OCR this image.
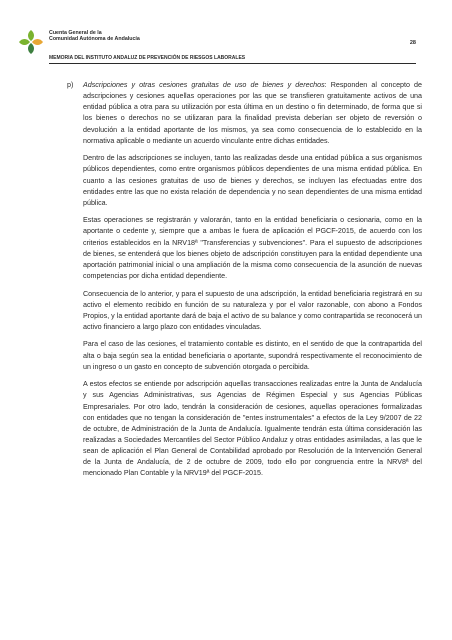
Cuenta General de la
Comunidad Autónoma de Andalucía
28
MEMORIA DEL INSTITUTO ANDALUZ DE PREVENCIÓN DE RIESGOS LABORALES

p) Adscripciones y otras cesiones gratuitas de uso de bienes y derechos: Responden al concepto de adscripciones y cesiones aquellas operaciones por las que se transfieren gratuitamente activos de una entidad pública a otra para su utilización por esta última en un destino o fin determinado, de forma que si los bienes o derechos no se utilizaran para la finalidad prevista deberían ser objeto de reversión o devolución a la entidad aportante de los mismos, ya sea como consecuencia de lo establecido en la normativa aplicable o mediante un acuerdo vinculante entre dichas entidades.

Dentro de las adscripciones se incluyen, tanto las realizadas desde una entidad pública a sus organismos públicos dependientes, como entre organismos públicos dependientes de una misma entidad pública. En cuanto a las cesiones gratuitas de uso de bienes y derechos, se incluyen las efectuadas entre dos entidades entre las que no exista relación de dependencia y no sean dependientes de una misma entidad pública.

Estas operaciones se registrarán y valorarán, tanto en la entidad beneficiaria o cesionaria, como en la aportante o cedente y, siempre que a ambas le fuera de aplicación el PGCF-2015, de acuerdo con los criterios establecidos en la NRV18ª "Transferencias y subvenciones". Para el supuesto de adscripciones de bienes, se entenderá que los bienes objeto de adscripción constituyen para la entidad dependiente una aportación patrimonial inicial o una ampliación de la misma como consecuencia de la asunción de nuevas competencias por dicha entidad dependiente.

Consecuencia de lo anterior, y para el supuesto de una adscripción, la entidad beneficiaria registrará en su activo el elemento recibido en función de su naturaleza y por el valor razonable, con abono a Fondos Propios, y la entidad aportante dará de baja el activo de su balance y como contrapartida se reconocerá un activo financiero a largo plazo con entidades vinculadas.

Para el caso de las cesiones, el tratamiento contable es distinto, en el sentido de que la contrapartida del alta o baja según sea la entidad beneficiaria o aportante, supondrá respectivamente el reconocimiento de un ingreso o un gasto en concepto de subvención otorgada o percibida.

A estos efectos se entiende por adscripción aquellas transacciones realizadas entre la Junta de Andalucía y sus Agencias Administrativas, sus Agencias de Régimen Especial y sus Agencias Públicas Empresariales. Por otro lado, tendrán la consideración de cesiones, aquellas operaciones formalizadas con entidades que no tengan la consideración de "entes instrumentales" a efectos de la Ley 9/2007 de 22 de octubre, de Administración de la Junta de Andalucía. Igualmente tendrán esta última consideración las realizadas a Sociedades Mercantiles del Sector Público Andaluz y otras entidades asimiladas, a las que le sean de aplicación el Plan General de Contabilidad aprobado por Resolución de la Intervención General de la Junta de Andalucía, de 2 de octubre de 2009, todo ello por congruencia entre la NRV8ª del mencionado Plan Contable y la NRV19ª del PGCF-2015.
